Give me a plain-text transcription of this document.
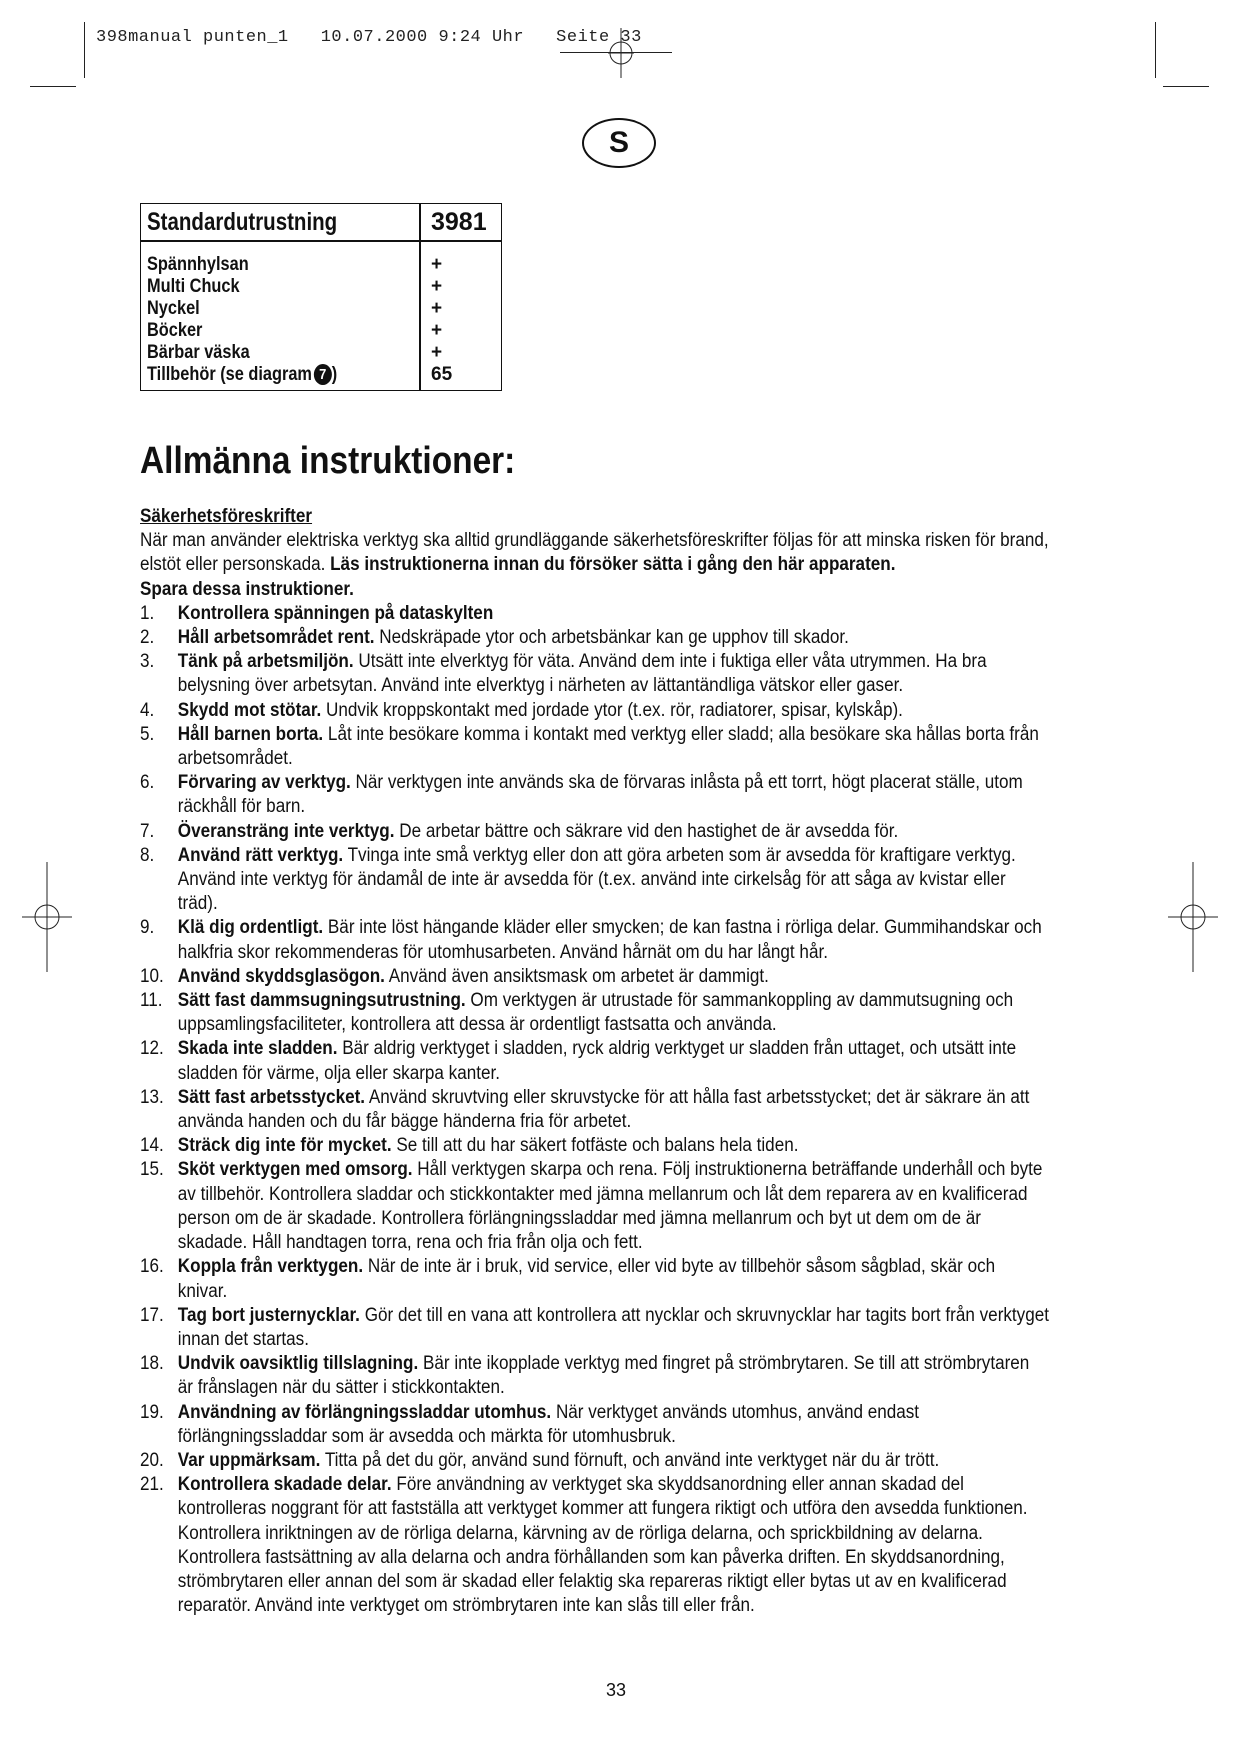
398manual punten_1   10.07.2000 9:24 Uhr   Seite 33
S
Standardutrustning	3981
Spännhylsan
Multi Chuck
Nyckel
Böcker
Bärbar väska
Tillbehör (se diagram 7 )
+
+
+
+
+
65
Allmänna instruktioner:
Säkerhetsföreskrifter
När man använder elektriska verktyg ska alltid grundläggande säkerhetsföreskrifter följas för att minska risken för brand, elstöt eller personskada. Läs instruktionerna innan du försöker sätta i gång den här apparaten.
Spara dessa instruktioner.
1. Kontrollera spänningen på dataskylten
2. Håll arbetsområdet rent. Nedskräpade ytor och arbetsbänkar kan ge upphov till skador.
3. Tänk på arbetsmiljön. Utsätt inte elverktyg för väta. Använd dem inte i fuktiga eller våta utrymmen. Ha bra belysning över arbetsytan. Använd inte elverktyg i närheten av lättantändliga vätskor eller gaser.
4. Skydd mot stötar. Undvik kroppskontakt med jordade ytor (t.ex. rör, radiatorer, spisar, kylskåp).
5. Håll barnen borta. Låt inte besökare komma i kontakt med verktyg eller sladd; alla besökare ska hållas borta från arbetsområdet.
6. Förvaring av verktyg. När verktygen inte används ska de förvaras inlåsta på ett torrt, högt placerat ställe, utom räckhåll för barn.
7. Överansträng inte verktyg. De arbetar bättre och säkrare vid den hastighet de är avsedda för.
8. Använd rätt verktyg. Tvinga inte små verktyg eller don att göra arbeten som är avsedda för kraftigare verktyg. Använd inte verktyg för ändamål de inte är avsedda för (t.ex. använd inte cirkelsåg för att såga av kvistar eller träd).
9. Klä dig ordentligt. Bär inte löst hängande kläder eller smycken; de kan fastna i rörliga delar. Gummihandskar och halkfria skor rekommenderas för utomhusarbeten. Använd hårnät om du har långt hår.
10. Använd skyddsglasögon. Använd även ansiktsmask om arbetet är dammigt.
11. Sätt fast dammsugningsutrustning. Om verktygen är utrustade för sammankoppling av dammutsugning och uppsamlingsfaciliteter, kontrollera att dessa är ordentligt fastsatta och använda.
12. Skada inte sladden. Bär aldrig verktyget i sladden, ryck aldrig verktyget ur sladden från uttaget, och utsätt inte sladden för värme, olja eller skarpa kanter.
13. Sätt fast arbetsstycket. Använd skruvtving eller skruvstycke för att hålla fast arbetsstycket; det är säkrare än att använda handen och du får bägge händerna fria för arbetet.
14. Sträck dig inte för mycket. Se till att du har säkert fotfäste och balans hela tiden.
15. Sköt verktygen med omsorg. Håll verktygen skarpa och rena. Följ instruktionerna beträffande underhåll och byte av tillbehör. Kontrollera sladdar och stickkontakter med jämna mellanrum och låt dem reparera av en kvalificerad person om de är skadade. Kontrollera förlängningssladdar med jämna mellanrum och byt ut dem om de är skadade. Håll handtagen torra, rena och fria från olja och fett.
16. Koppla från verktygen. När de inte är i bruk, vid service, eller vid byte av tillbehör såsom sågblad, skär och knivar.
17. Tag bort justernycklar. Gör det till en vana att kontrollera att nycklar och skruvnycklar har tagits bort från verktyget innan det startas.
18. Undvik oavsiktlig tillslagning. Bär inte ikopplade verktyg med fingret på strömbrytaren. Se till att strömbrytaren är frånslagen när du sätter i stickkontakten.
19. Användning av förlängningssladdar utomhus. När verktyget används utomhus, använd endast förlängningssladdar som är avsedda och märkta för utomhusbruk.
20. Var uppmärksam. Titta på det du gör, använd sund förnuft, och använd inte verktyget när du är trött.
21. Kontrollera skadade delar. Före användning av verktyget ska skyddsanordning eller annan skadad del kontrolleras noggrant för att fastställa att verktyget kommer att fungera riktigt och utföra den avsedda funktionen. Kontrollera inriktningen av de rörliga delarna, kärvning av de rörliga delarna, och sprickbildning av delarna. Kontrollera fastsättning av alla delarna och andra förhållanden som kan påverka driften. En skyddsanordning, strömbrytaren eller annan del som är skadad eller felaktig ska repareras riktigt eller bytas ut av en kvalificerad reparatör. Använd inte verktyget om strömbrytaren inte kan slås till eller från.
33
